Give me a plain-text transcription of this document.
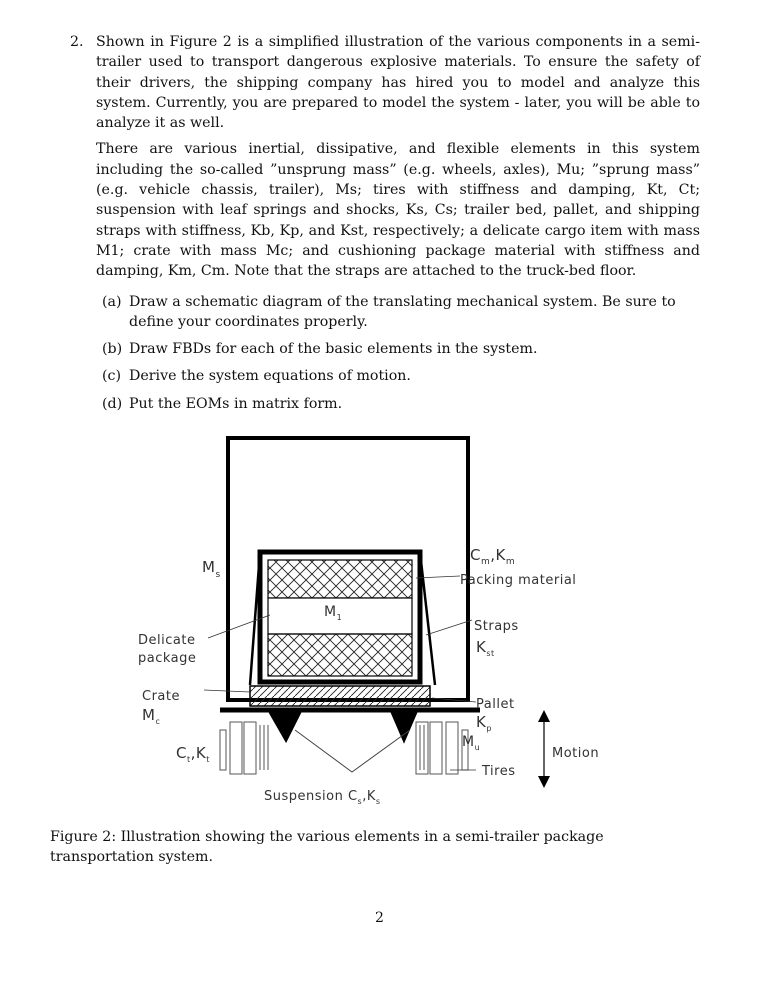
2. Shown in Figure 2 is a simplified illustration of the various components in a semi-trailer used to transport dangerous explosive materials. To ensure the safety of their drivers, the shipping company has hired you to model and analyze this system. Currently, you are prepared to model the system - later, you will be able to analyze it as well.
There are various inertial, dissipative, and flexible elements in this system including the so-called ”unsprung mass” (e.g. wheels, axles), Mu; ”sprung mass” (e.g. vehicle chassis, trailer), Ms; tires with stiffness and damping, Kt, Ct; suspension with leaf springs and shocks, Ks, Cs; trailer bed, pallet, and shipping straps with stiffness, Kb, Kp, and Kst, respectively; a delicate cargo item with mass M1; crate with mass Mc; and cushioning package material with stiffness and damping, Km, Cm. Note that the straps are attached to the truck-bed floor.
(a) Draw a schematic diagram of the translating mechanical system. Be sure to define your coordinates properly.
(b) Draw FBDs for each of the basic elements in the system.
(c) Derive the system equations of motion.
(d) Put the EOMs in matrix form.
$M_s$
$C_m,K_m$
Packing material
$M_1$
Straps
$K_{st}$
Delicate
package
Crate
$M_c$
Pallet
$K_p$
$M_u$
$C_t,K_t$	Motion
Tires
Suspension $C_s,K_s$
Figure 2: Illustration showing the various elements in a semi-trailer package transportation system.
2
